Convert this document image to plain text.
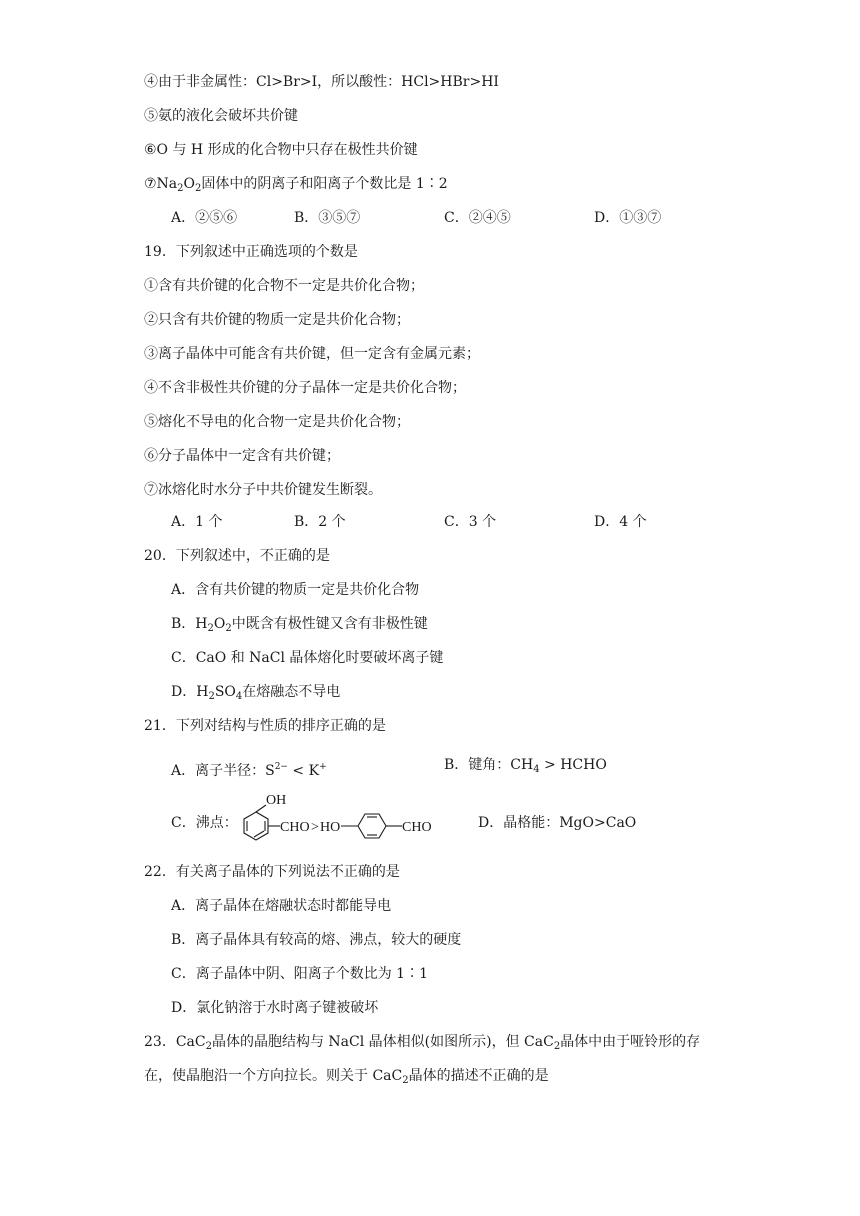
④由于非金属性：Cl>Br>I，所以酸性：HCl>HBr>HI
⑤氨的液化会破坏共价键
⑥O 与 H 形成的化合物中只存在极性共价键
$⑦Na_2O_2$固体中的阴离子和阳离子个数比是 1∶2
A．②⑤⑥	B．③⑤⑦	C．②④⑤	D．①③⑦
19．下列叙述中正确选项的个数是
①含有共价键的化合物不一定是共价化合物；
②只含有共价键的物质一定是共价化合物；
③离子晶体中可能含有共价键，但一定含有金属元素；
④不含非极性共价键的分子晶体一定是共价化合物；
⑤熔化不导电的化合物一定是共价化合物；
⑥分子晶体中一定含有共价键；
⑦冰熔化时水分子中共价键发生断裂。
A．1 个	B．2 个	C．3 个	D．4 个
20．下列叙述中，不正确的是
A．含有共价键的物质一定是共价化合物
B．$H_2O_2$中既含有极性键又含有非极性键
C．CaO 和 NaCl 晶体熔化时要破坏离子键
D．$H_2SO_4$在熔融态不导电
21．下列对结构与性质的排序正确的是
A．离子半径：$S^{2-} < K^+$	B．键角：$CH_4$ > HCHO
C．沸点：
OH
CHO > HO	CHO	D．晶格能：MgO>CaO
22．有关离子晶体的下列说法不正确的是
A．离子晶体在熔融状态时都能导电
B．离子晶体具有较高的熔、沸点，较大的硬度
C．离子晶体中阴、阳离子个数比为 1∶1
D．氯化钠溶于水时离子键被破坏
23．CaC$_2$晶体的晶胞结构与 NaCl 晶体相似(如图所示)，但 CaC$_2$晶体中由于哑铃形的存
在，使晶胞沿一个方向拉长。则关于 CaC$_2$晶体的描述不正确的是
